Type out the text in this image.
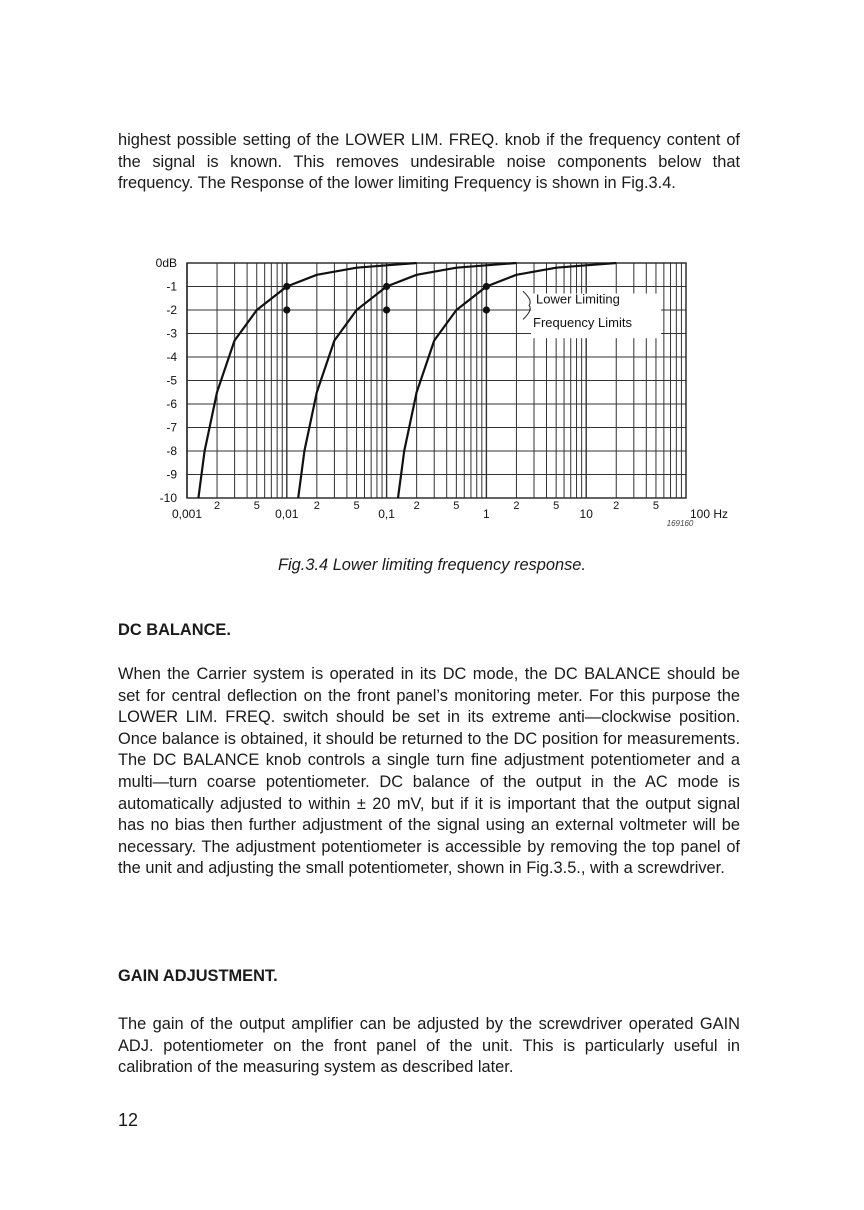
highest possible setting of the LOWER LIM. FREQ. knob if the frequency content of the signal is known. This removes undesirable noise components below that frequency. The Response of the lower limiting Frequency is shown in Fig.3.4.

Lower Limiting
Frequency Limits
0dB
-1
-2
-3
-4
-5
-6
-7
-8
-9
-10
0,001	0,01	0,1	1	10	100 Hz
2	5	2	5	2	5	2	5	2	5
169160

Fig.3.4 Lower limiting frequency response.

DC BALANCE.

When the Carrier system is operated in its DC mode, the DC BALANCE should be set for central deflection on the front panel’s monitoring meter. For this purpose the LOWER LIM. FREQ. switch should be set in its extreme anti—clockwise position. Once balance is obtained, it should be returned to the DC position for measurements. The DC BALANCE knob controls a single turn fine adjustment potentiometer and a multi—turn coarse potentiometer. DC balance of the output in the AC mode is automatically adjusted to within ± 20 mV, but if it is important that the output signal has no bias then further adjustment of the signal using an external voltmeter will be necessary. The adjustment potentiometer is accessible by removing the top panel of the unit and adjusting the small potentiometer, shown in Fig.3.5., with a screwdriver.

GAIN ADJUSTMENT.

The gain of the output amplifier can be adjusted by the screwdriver operated GAIN ADJ. potentiometer on the front panel of the unit. This is particularly useful in calibration of the measuring system as described later.

12
